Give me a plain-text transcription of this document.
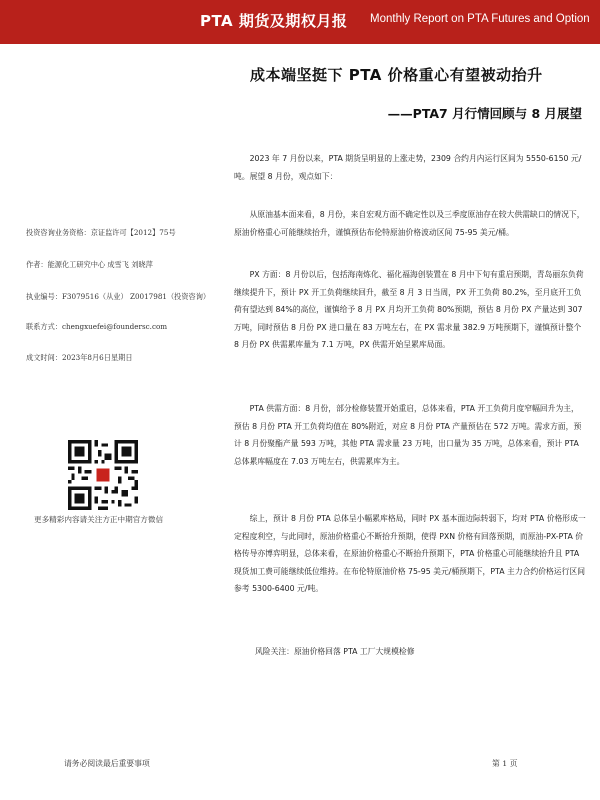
PTA 期货及期权月报 Monthly Report on PTA Futures and Option
成本端坚挺下 PTA 价格重心有望被动抬升
——PTA7 月行情回顾与 8 月展望
投资咨询业务资格：京证监许可【2012】75号
作者：能源化工研究中心 成雪飞 刘晓萍
执业编号：F3079516（从业） Z0017981（投资咨询）
联系方式：chengxuefei@foundersc.com
成文时间：2023年8月6日星期日
更多精彩内容请关注方正中期官方微信

2023 年 7 月份以来，PTA 期货呈明显的上涨走势，2309 合约月内运行区间为 5550-6150 元/吨。展望 8 月份，观点如下：

从原油基本面来看，8 月份，来自宏观方面不确定性以及三季度原油存在较大供需缺口的情况下，原油价格重心可能继续抬升，谨慎预估布伦特原油价格波动区间 75-95 美元/桶。

PX 方面：8 月份以后，包括海南炼化、福化福海创装置在 8 月中下旬有重启预期，青岛丽东负荷继续提升下，预计 PX 开工负荷继续回升，截至 8 月 3 日当周，PX 开工负荷 80.2%，至月底开工负荷有望达到 84%的高位，谨慎给予 8 月 PX 月均开工负荷 80%预期，预估 8 月份 PX 产量达到 307 万吨，同时预估 8 月份 PX 进口量在 83 万吨左右，在 PX 需求量 382.9 万吨预期下，谨慎预计整个 8 月份 PX 供需累库量为 7.1 万吨，PX 供需开始呈累库局面。

PTA 供需方面：8 月份，部分检修装置开始重启，总体来看，PTA 开工负荷月度窄幅回升为主，预估 8 月份 PTA 开工负荷均值在 80%附近，对应 8 月份 PTA 产量预估在 572 万吨。需求方面，预计 8 月份聚酯产量 593 万吨，其他 PTA 需求量 23 万吨，出口量为 35 万吨，总体来看，预计 PTA 总体累库幅度在 7.03 万吨左右，供需累库为主。

综上，预计 8 月份 PTA 总体呈小幅累库格局，同时 PX 基本面边际转弱下，均对 PTA 价格形成一定程度利空，与此同时，原油价格重心不断抬升预期，使得 PXN 价格有回落预期，而原油-PX-PTA 价格传导亦博弈明显，总体来看，在原油价格重心不断抬升预期下，PTA 价格重心可能继续抬升且 PTA 现货加工费可能继续低位维持。在布伦特原油价格 75-95 美元/桶预期下，PTA 主力合约价格运行区间参考 5300-6400 元/吨。

风险关注：原油价格回落 PTA 工厂大规模检修
请务必阅读最后重要事项	第 1 页
